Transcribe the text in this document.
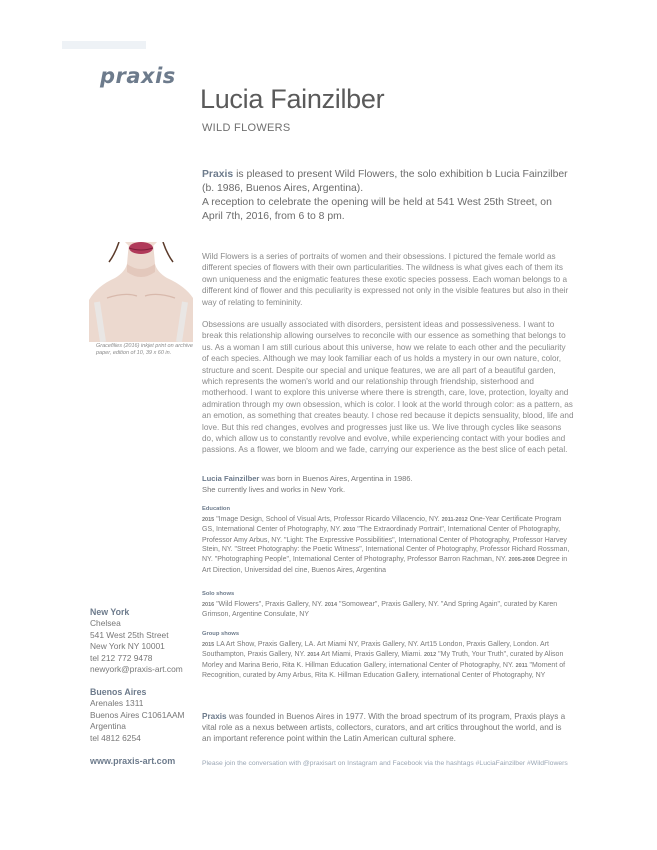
praxis
Lucia Fainzilber
WILD FLOWERS
Praxis is pleased to present Wild Flowers, the solo exhibition b Lucia Fainzilber (b. 1986, Buenos Aires, Argentina).
A reception to celebrate the opening will be held at 541 West 25th Street, on April 7th, 2016, from 6 to 8 pm.
Gracefilies (2016) inkjet print on archive paper, edition of 10, 39 x 60 in.
Wild Flowers is a series of portraits of women and their obsessions. I pictured the female world as different species of flowers with their own particularities. The wildness is what gives each of them its own uniqueness and the enigmatic features these exotic species possess. Each woman belongs to a different kind of flower and this peculiarity is expressed not only in the visible features but also in their way of relating to femininity.
Obsessions are usually associated with disorders, persistent ideas and possessiveness. I want to break this relationship allowing ourselves to reconcile with our essence as something that belongs to us. As a woman I am still curious about this universe, how we relate to each other and the peculiarity of each species. Although we may look familiar each of us holds a mystery in our own nature, color, structure and scent. Despite our special and unique features, we are all part of a beautiful garden, which represents the women's world and our relationship through friendship, sisterhood and motherhood. I want to explore this universe where there is strength, care, love, protection, loyalty and admiration through my own obsession, which is color. I look at the world through color: as a pattern, as an emotion, as something that creates beauty. I chose red because it depicts sensuality, blood, life and love. But this red changes, evolves and progresses just like us. We live through cycles like seasons do, which allow us to constantly revolve and evolve, while experiencing contact with your bodies and passions. As a flower, we bloom and we fade, carrying our experience as the best slice of each petal.
Lucia Fainzilber was born in Buenos Aires, Argentina in 1986.
She currently lives and works in New York.

Education

2015 "Image Design, School of Visual Arts, Professor Ricardo Villacencio, NY. 2011-2012 One-Year Certificate Program GS, International Center of Photography, NY. 2010 "The Extraordinady Portrait", International Center of Photography, Professor Amy Arbus, NY. "Light: The Expressive Possibilities", International Center of Photography, Professor Harvey Stein, NY. "Street Photography: the Poetic Witness", International Center of Photography, Professor Richard Rossman, NY. "Photographing People", International Center of Photography, Professor Barron Rachman, NY. 2005-2008 Degree in Art Direction, Universidad del cine, Buenos Aires, Argentina

Solo shows

2016 "Wild Flowers", Praxis Gallery, NY. 2014 "Somowear", Praxis Gallery, NY. "And Spring Again", curated by Karen Grimson, Argentine Consulate, NY

Group shows

2015 LA Art Show, Praxis Gallery, LA. Art Miami NY, Praxis Gallery, NY. Art15 London, Praxis Gallery, London. Art Southampton, Praxis Gallery, NY. 2014 Art Miami, Praxis Gallery, Miami. 2012 "My Truth, Your Truth", curated by Alison Morley and Marina Berio, Rita K. Hillman Education Gallery, international Center of Photography, NY. 2011 "Moment of Recognition, curated by Amy Arbus, Rita K. Hillman Education Gallery, international Center of Photography, NY
New York
Chelsea
541 West 25th Street
New York NY 10001
tel 212 772 9478
newyork@praxis-art.com
Buenos Aires
Arenales 1311
Buenos Aires C1061AAM
Argentina
tel 4812 6254
www.praxis-art.com
Praxis was founded in Buenos Aires in 1977. With the broad spectrum of its program, Praxis plays a vital role as a nexus between artists, collectors, curators, and art critics throughout the world, and is an important reference point within the Latin American cultural sphere.
Please join the conversation with @praxisart on Instagram and Facebook via the hashtags #LuciaFainzilber #WildFlowers
